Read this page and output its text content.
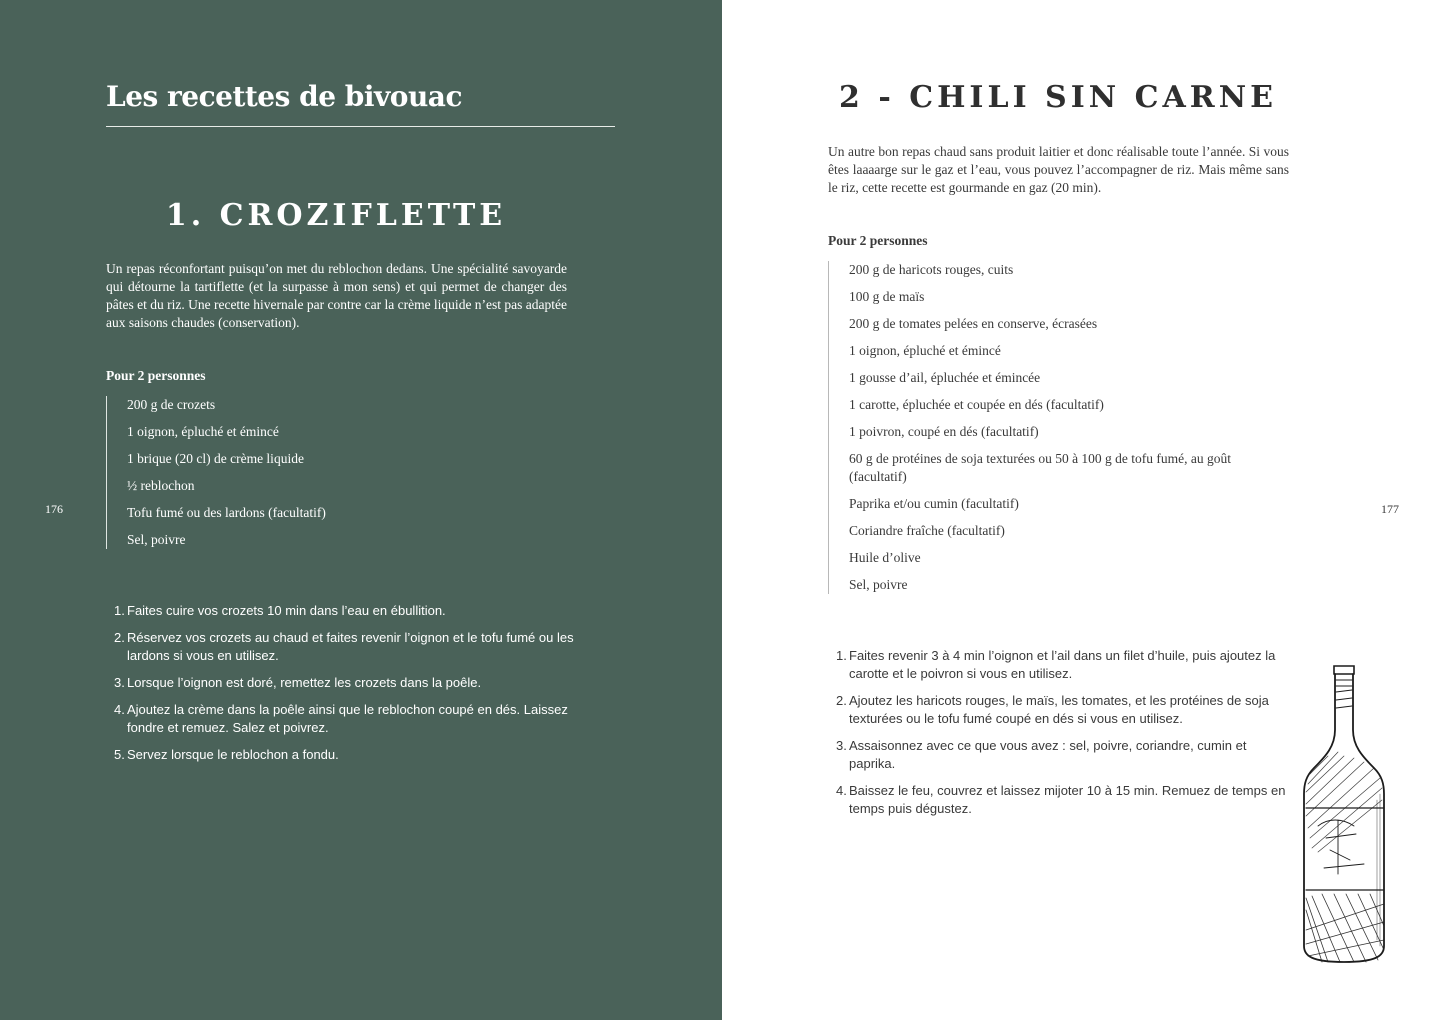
Les recettes de bivouac
1. CROZIFLETTE

Un repas réconfortant puisqu’on met du reblochon dedans. Une spécialité savoyarde qui détourne la tartiflette (et la surpasse à mon sens) et qui permet de changer des pâtes et du riz. Une recette hivernale par contre car la crème liquide n’est pas adaptée aux saisons chaudes (conservation).

Pour 2 personnes

200 g de crozets
1 oignon, épluché et émincé
1 brique (20 cl) de crème liquide
½ reblochon
Tofu fumé ou des lardons (facultatif)
Sel, poivre
1. Faites cuire vos crozets 10 min dans l’eau en ébullition.
2. Réservez vos crozets au chaud et faites revenir l’oignon et le tofu fumé ou les lardons si vous en utilisez.
3. Lorsque l’oignon est doré, remettez les crozets dans la poêle.
4. Ajoutez la crème dans la poêle ainsi que le reblochon coupé en dés. Laissez fondre et remuez. Salez et poivrez.
5. Servez lorsque le reblochon a fondu.
176
2 - CHILI SIN CARNE

Un autre bon repas chaud sans produit laitier et donc réalisable toute l’année. Si vous êtes laaaarge sur le gaz et l’eau, vous pouvez l’accompagner de riz. Mais même sans le riz, cette recette est gourmande en gaz (20 min).

Pour 2 personnes

200 g de haricots rouges, cuits
100 g de maïs
200 g de tomates pelées en conserve, écrasées
1 oignon, épluché et émincé
1 gousse d’ail, épluchée et émincée
1 carotte, épluchée et coupée en dés (facultatif)
1 poivron, coupé en dés (facultatif)
60 g de protéines de soja texturées ou 50 à 100 g de tofu fumé, au goût (facultatif)
Paprika et/ou cumin (facultatif)
Coriandre fraîche (facultatif)
Huile d’olive
Sel, poivre
1. Faites revenir 3 à 4 min l’oignon et l’ail dans un filet d’huile, puis ajoutez la carotte et le poivron si vous en utilisez.
2. Ajoutez les haricots rouges, le maïs, les tomates, et les protéines de soja texturées ou le tofu fumé coupé en dés si vous en utilisez.
3. Assaisonnez avec ce que vous avez : sel, poivre, coriandre, cumin et paprika.
4. Baissez le feu, couvrez et laissez mijoter 10 à 15 min. Remuez de temps en temps puis dégustez.
177
